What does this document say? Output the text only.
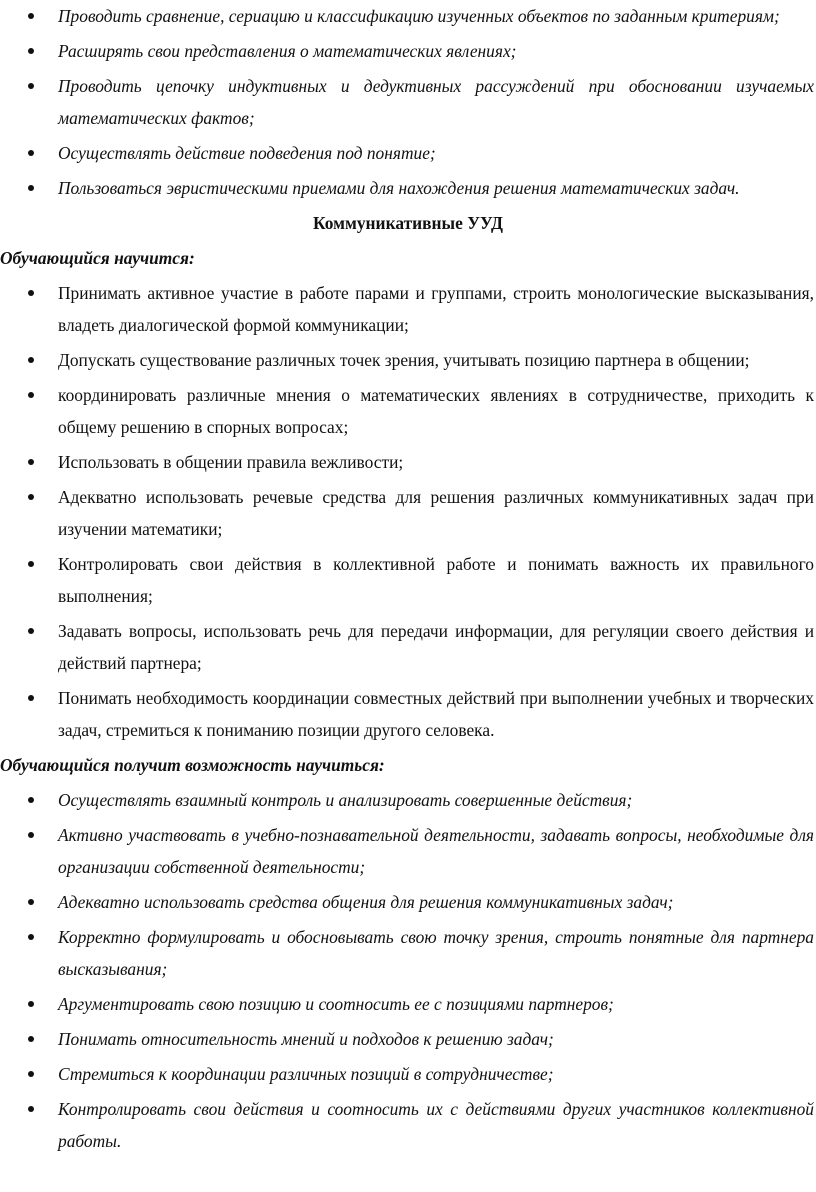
Проводить сравнение, сериацию и классификацию изученных объектов по заданным критериям;
Расширять свои представления о математических явлениях;
Проводить цепочку индуктивных и дедуктивных рассуждений при обосновании изучаемых математических фактов;
Осуществлять действие подведения под понятие;
Пользоваться эвристическими приемами для нахождения решения математических задач.
Коммуникативные УУД
Обучающийся научится:
Принимать активное участие в работе парами и группами, строить монологические высказывания, владеть диалогической формой коммуникации;
Допускать существование различных точек зрения, учитывать позицию партнера в общении;
координировать различные мнения о математических явлениях в сотрудничестве, приходить к общему решению в спорных вопросах;
Использовать в общении правила вежливости;
Адекватно использовать речевые средства для решения различных коммуникативных задач при изучении математики;
Контролировать свои действия в коллективной работе и понимать важность их правильного выполнения;
Задавать вопросы, использовать речь для передачи информации, для регуляции своего действия и действий партнера;
Понимать необходимость координации совместных действий при выполнении учебных и творческих задач, стремиться к пониманию позиции другого селовека.
Обучающийся получит возможность научиться:
Осуществлять взаимный контроль и анализировать совершенные действия;
Активно участвовать в учебно-познавательной деятельности, задавать вопросы, необходимые для организации собственной деятельности;
Адекватно использовать средства общения для решения коммуникативных задач;
Корректно формулировать и обосновывать свою точку зрения, строить понятные для партнера высказывания;
Аргументировать свою позицию и соотносить ее с позициями партнеров;
Понимать относительность мнений и подходов к решению задач;
Стремиться к координации различных позиций в сотрудничестве;
Контролировать свои действия и соотносить их с действиями других участников коллективной работы.
